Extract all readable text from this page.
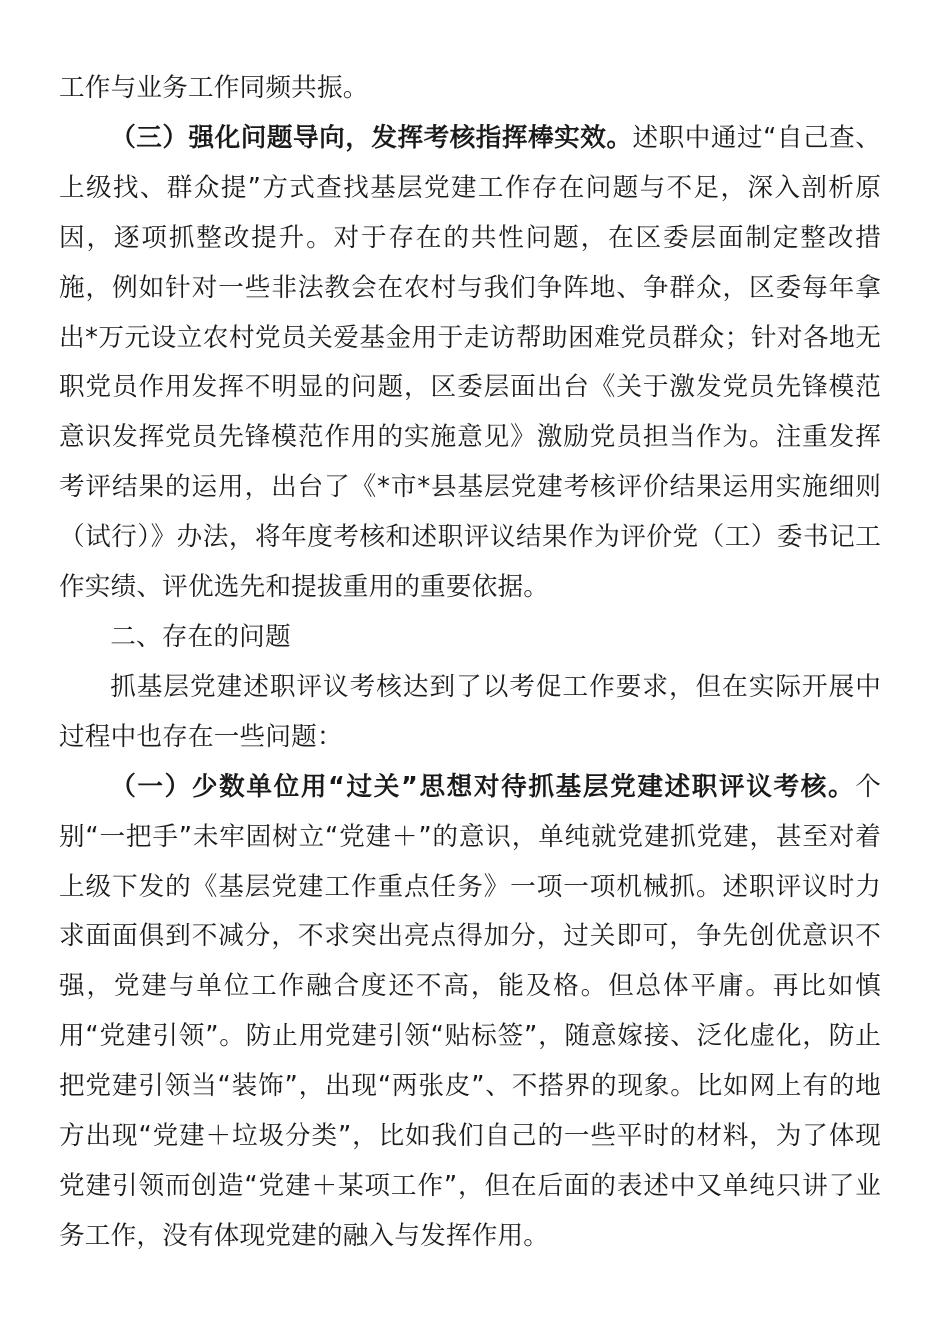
工作与业务工作同频共振。

（三）强化问题导向，发挥考核指挥棒实效。述职中通过“自己查、上级找、群众提”方式查找基层党建工作存在问题与不足，深入剖析原因，逐项抓整改提升。对于存在的共性问题，在区委层面制定整改措施，例如针对一些非法教会在农村与我们争阵地、争群众，区委每年拿出*万元设立农村党员关爱基金用于走访帮助困难党员群众；针对各地无职党员作用发挥不明显的问题，区委层面出台《关于激发党员先锋模范意识发挥党员先锋模范作用的实施意见》激励党员担当作为。注重发挥考评结果的运用，出台了《*市*县基层党建考核评价结果运用实施细则（试行）》办法，将年度考核和述职评议结果作为评价党（工）委书记工作实绩、评优选先和提拔重用的重要依据。

二、存在的问题

抓基层党建述职评议考核达到了以考促工作要求，但在实际开展中过程中也存在一些问题：

（一）少数单位用“过关”思想对待抓基层党建述职评议考核。个别“一把手”未牢固树立“党建＋”的意识，单纯就党建抓党建，甚至对着上级下发的《基层党建工作重点任务》一项一项机械抓。述职评议时力求面面俱到不减分，不求突出亮点得加分，过关即可，争先创优意识不强，党建与单位工作融合度还不高，能及格。但总体平庸。再比如慎用“党建引领”。防止用党建引领“贴标签”，随意嫁接、泛化虚化，防止把党建引领当“装饰”，出现“两张皮”、不搭界的现象。比如网上有的地方出现“党建＋垃圾分类”，比如我们自己的一些平时的材料，为了体现党建引领而创造“党建＋某项工作”，但在后面的表述中又单纯只讲了业务工作，没有体现党建的融入与发挥作用。
